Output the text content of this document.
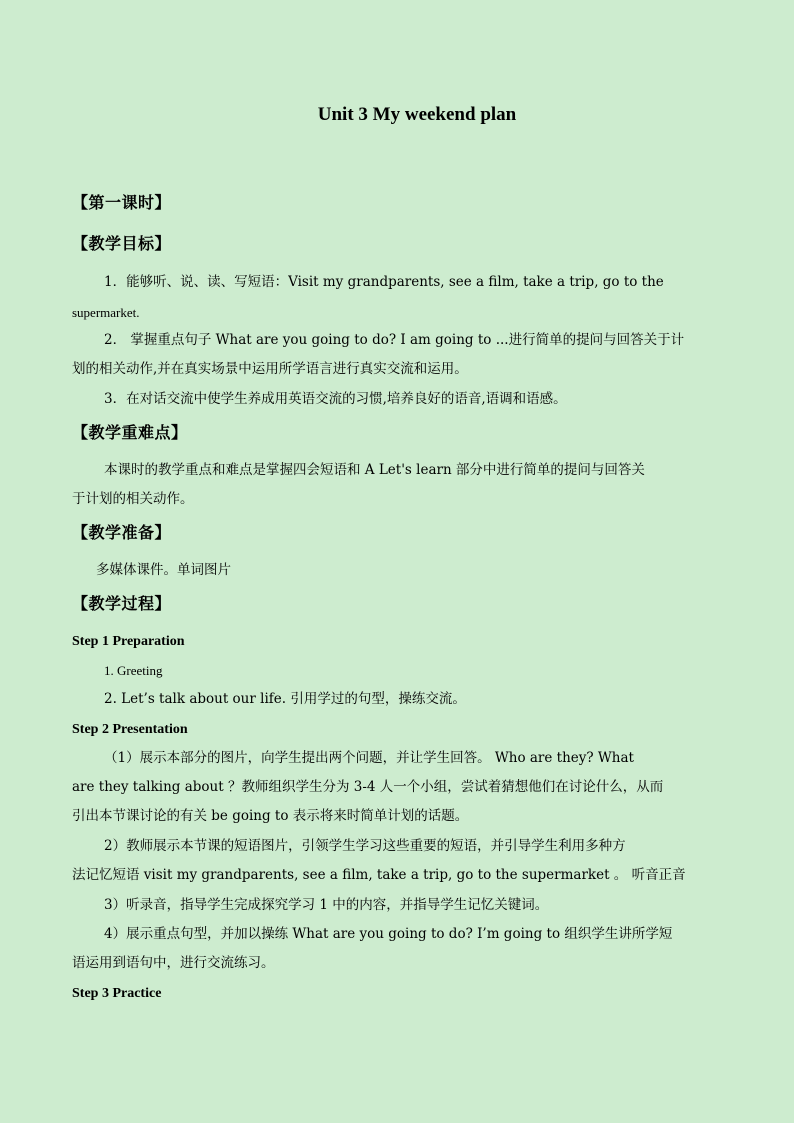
Unit 3 My weekend plan
【第一课时】
【教学目标】
1．能够听、说、读、写短语：Visit my grandparents, see a film, take a trip, go to the
supermarket.
2． 掌握重点句子 What are you going to do? I am going to ...进行简单的提问与回答关于计
划的相关动作,并在真实场景中运用所学语言进行真实交流和运用。
3．在对话交流中使学生养成用英语交流的习惯,培养良好的语音,语调和语感。
【教学重难点】
本课时的教学重点和难点是掌握四会短语和 A Let's learn 部分中进行简单的提问与回答关
于计划的相关动作。
【教学准备】
多媒体课件。单词图片
【教学过程】
Step 1 Preparation
1. Greeting
2. Let’s talk about our life. 引用学过的句型，操练交流。
Step 2 Presentation
（1）展示本部分的图片，向学生提出两个问题，并让学生回答。 Who are they? What
are they talking about ？教师组织学生分为 3-4 人一个小组，尝试着猜想他们在讨论什么，从而
引出本节课讨论的有关 be going to 表示将来时简单计划的话题。
2）教师展示本节课的短语图片，引领学生学习这些重要的短语，并引导学生利用多种方
法记忆短语 visit my grandparents, see a film, take a trip, go to the supermarket 。 听音正音
3）听录音，指导学生完成探究学习 1 中的内容，并指导学生记忆关键词。
4）展示重点句型，并加以操练 What are you going to do? I’m going to 组织学生讲所学短
语运用到语句中，进行交流练习。
Step 3 Practice
